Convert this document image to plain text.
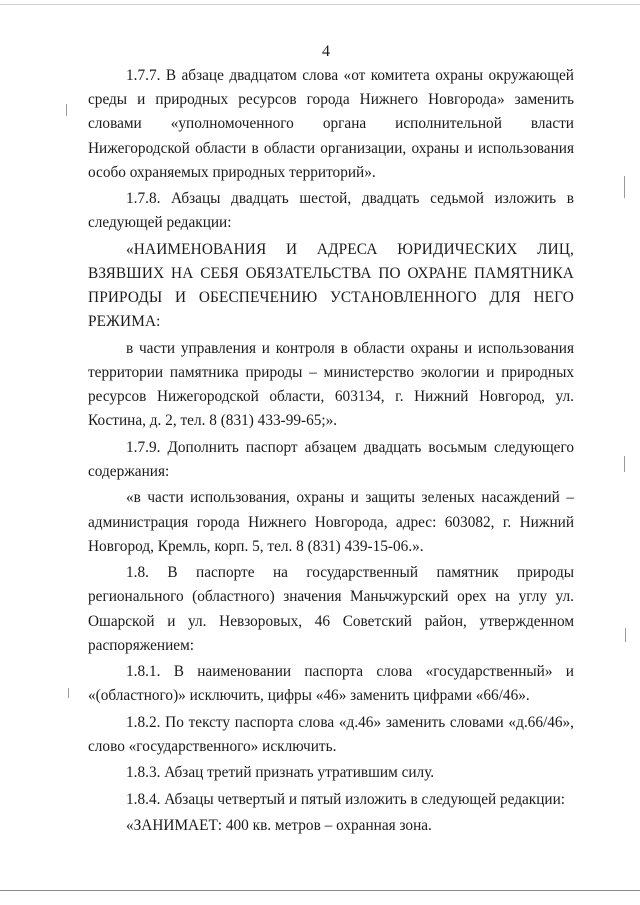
4

1.7.7. В абзаце двадцатом слова «от комитета охраны окружающей среды и природных ресурсов города Нижнего Новгорода» заменить словами «уполномоченного органа исполнительной власти Нижегородской области в области организации, охраны и использования особо охраняемых природных территорий».

1.7.8. Абзацы двадцать шестой, двадцать седьмой изложить в следующей редакции:

«НАИМЕНОВАНИЯ И АДРЕСА ЮРИДИЧЕСКИХ ЛИЦ, ВЗЯВШИХ НА СЕБЯ ОБЯЗАТЕЛЬСТВА ПО ОХРАНЕ ПАМЯТНИКА ПРИРОДЫ И ОБЕСПЕЧЕНИЮ УСТАНОВЛЕННОГО ДЛЯ НЕГО РЕЖИМА:

в части управления и контроля в области охраны и использования территории памятника природы – министерство экологии и природных ресурсов Нижегородской области, 603134, г. Нижний Новгород, ул. Костина, д. 2, тел. 8 (831) 433-99-65;».

1.7.9. Дополнить паспорт абзацем двадцать восьмым следующего содержания:

«в части использования, охраны и защиты зеленых насаждений – администрация города Нижнего Новгорода, адрес: 603082, г. Нижний Новгород, Кремль, корп. 5, тел. 8 (831) 439-15-06.».

1.8. В паспорте на государственный памятник природы регионального (областного) значения Маньчжурский орех на углу ул. Ошарской и ул. Невзоровых, 46 Советский район, утвержденном распоряжением:

1.8.1. В наименовании паспорта слова «государственный» и «(областного)» исключить, цифры «46» заменить цифрами «66/46».

1.8.2. По тексту паспорта слова «д.46» заменить словами «д.66/46», слово «государственного» исключить.

1.8.3. Абзац третий признать утратившим силу.

1.8.4. Абзацы четвертый и пятый изложить в следующей редакции:

«ЗАНИМАЕТ: 400 кв. метров – охранная зона.
